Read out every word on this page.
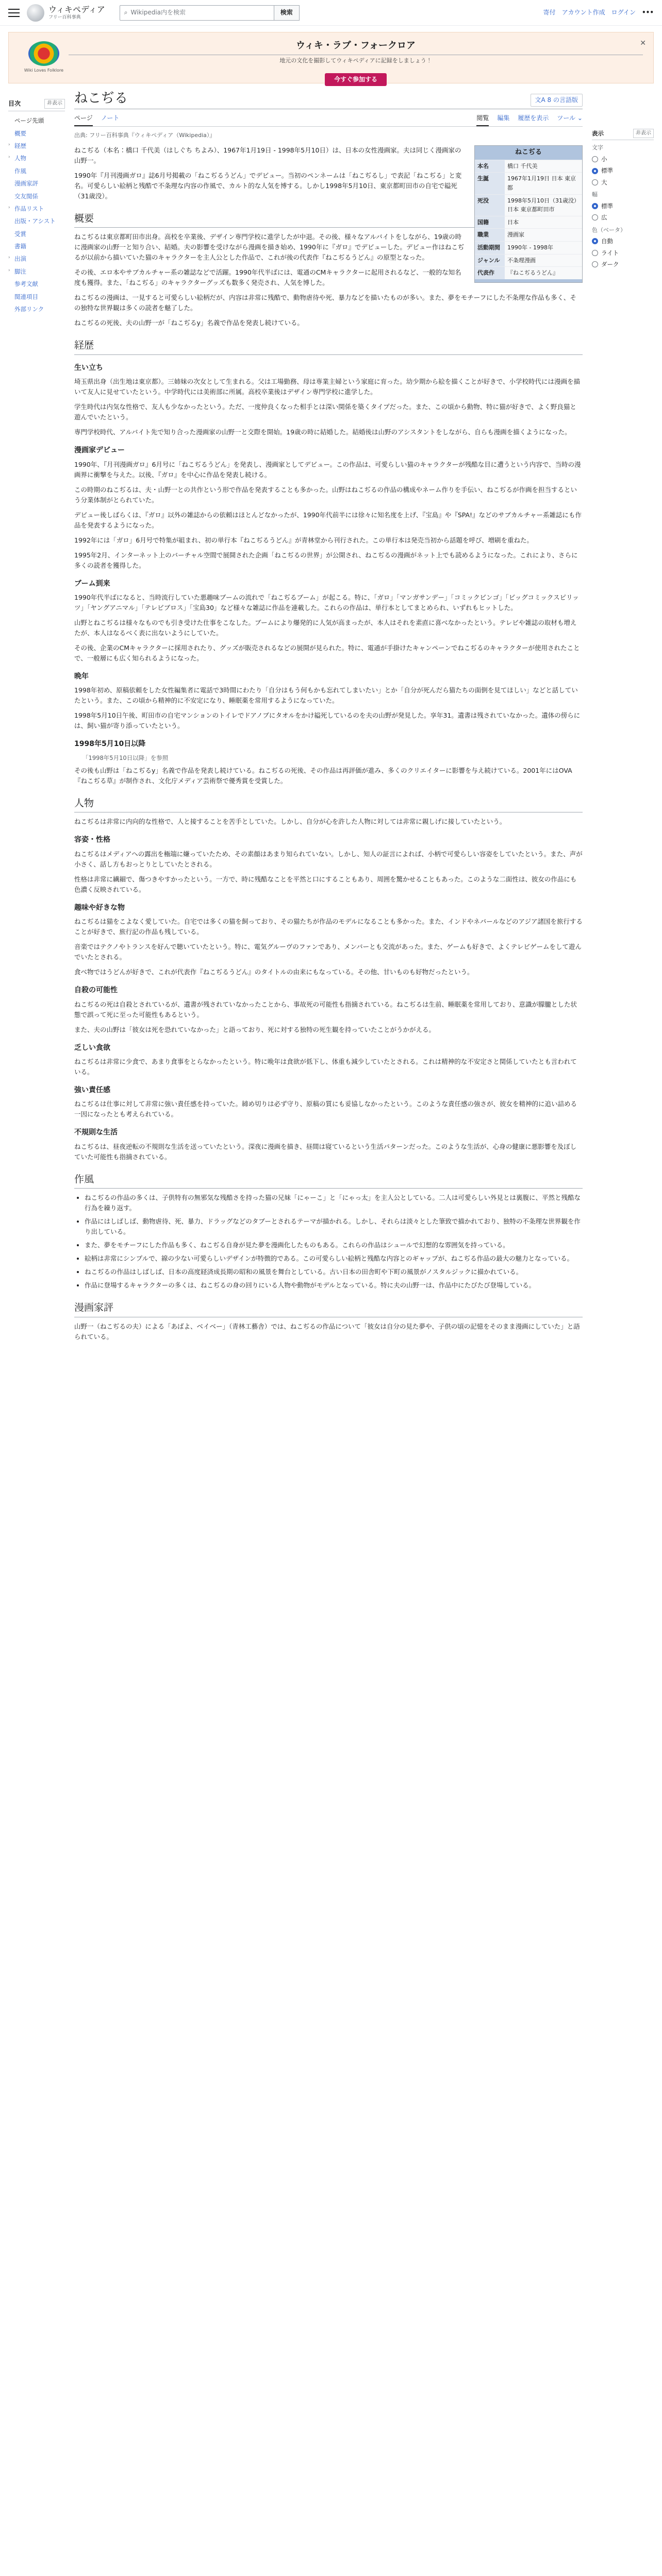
ウィキペディア
フリー百科事典
⌕ Wikipedia内を検索	検索	寄付 アカウント作成 ログイン •••
Wiki Loves Folklore
ウィキ・ラブ・フォークロア

地元の文化を撮影してウィキペディアに記録をしましょう！

今すぐ参加する
✕
目次	非表示
ページ先頭
概要
› 経歴
› 人物
作風
漫画家評
交友関係
› 作品リスト
出版・アシスト
受賞
書籍
› 出演
› 脚注
参考文献
関連項目
外部リンク
ねこぢる	文A 8 の言語版
ページ ノート	閲覧 編集 履歴を表示 ツール ⌄
出典: フリー百科事典『ウィキペディア（Wikipedia）』
ねこぢる
本名	橋口 千代美
生誕	1967年1月19日 日本 東京都
死没	1998年5月10日（31歳没）日本 東京都町田市
国籍	日本
職業	漫画家
活動期間	1990年 - 1998年
ジャンル	不条理漫画
代表作	『ねこぢるうどん』

ねこぢる（本名：橋口 千代美（はしぐち ちよみ）、1967年1月19日 - 1998年5月10日）は、日本の女性漫画家。夫は同じく漫画家の山野一。

1990年『月刊漫画ガロ』誌6月号掲載の「ねこぢるうどん」でデビュー。当初のペンネームは「ねこぢるし」で表記「ねこぢる」と変名。可愛らしい絵柄と残酷で不条理な内容の作風で、カルト的な人気を博する。しかし1998年5月10日、東京都町田市の自宅で縊死（31歳没）。

概要

ねこぢるは東京都町田市出身。高校を卒業後、デザイン専門学校に進学したが中退。その後、様々なアルバイトをしながら、19歳の時に漫画家の山野一と知り合い、結婚。夫の影響を受けながら漫画を描き始め、1990年に『ガロ』でデビューした。デビュー作はねこぢるが以前から描いていた猫のキャラクターを主人公とした作品で、これが後の代表作『ねこぢるうどん』の原型となった。

その後、エロ本やサブカルチャー系の雑誌などで活躍。1990年代半ばには、電通のCMキャラクターに起用されるなど、一般的な知名度も獲得。また、「ねこぢる」のキャラクターグッズも数多く発売され、人気を博した。

ねこぢるの漫画は、一見すると可愛らしい絵柄だが、内容は非常に残酷で、動物虐待や死、暴力などを描いたものが多い。また、夢をモチーフにした不条理な作品も多く、その独特な世界観は多くの読者を魅了した。

ねこぢるの死後、夫の山野一が「ねこぢるy」名義で作品を発表し続けている。

経歴
生い立ち

埼玉県出身（出生地は東京都）。三姉妹の次女として生まれる。父は工場勤務、母は専業主婦という家庭に育った。幼少期から絵を描くことが好きで、小学校時代には漫画を描いて友人に見せていたという。中学時代には美術部に所属。高校卒業後はデザイン専門学校に進学した。

学生時代は内気な性格で、友人も少なかったという。ただ、一度仲良くなった相手とは深い関係を築くタイプだった。また、この頃から動物、特に猫が好きで、よく野良猫と遊んでいたという。

専門学校時代、アルバイト先で知り合った漫画家の山野一と交際を開始。19歳の時に結婚した。結婚後は山野のアシスタントをしながら、自らも漫画を描くようになった。

漫画家デビュー

1990年、『月刊漫画ガロ』6月号に「ねこぢるうどん」を発表し、漫画家としてデビュー。この作品は、可愛らしい猫のキャラクターが残酷な目に遭うという内容で、当時の漫画界に衝撃を与えた。以後、『ガロ』を中心に作品を発表し続ける。

この時期のねこぢるは、夫・山野一との共作という形で作品を発表することも多かった。山野はねこぢるの作品の構成やネーム作りを手伝い、ねこぢるが作画を担当するという分業体制がとられていた。

デビュー後しばらくは、『ガロ』以外の雑誌からの依頼はほとんどなかったが、1990年代前半には徐々に知名度を上げ、『宝島』や『SPA!』などのサブカルチャー系雑誌にも作品を発表するようになった。

1992年には「ガロ」6月号で特集が組まれ、初の単行本『ねこぢるうどん』が青林堂から刊行された。この単行本は発売当初から話題を呼び、増刷を重ねた。

1995年2月、インターネット上のバーチャル空間で展開された企画「ねこぢるの世界」が公開され、ねこぢるの漫画がネット上でも読めるようになった。これにより、さらに多くの読者を獲得した。

ブーム到来

1990年代半ばになると、当時流行していた悪趣味ブームの流れで「ねこぢるブーム」が起こる。特に、「ガロ」「マンガサンデー」「コミックビンゴ」「ビッグコミックスピリッツ」「ヤングアニマル」「テレビブロス」「宝島30」など様々な雑誌に作品を連載した。これらの作品は、単行本としてまとめられ、いずれもヒットした。

山野とねこぢるは様々なものでも引き受けた仕事をこなした。ブームにより爆発的に人気が高まったが、本人はそれを素直に喜べなかったという。テレビや雑誌の取材も増えたが、本人はなるべく表に出ないようにしていた。

その後、企業のCMキャラクターに採用されたり、グッズが販売されるなどの展開が見られた。特に、電通が手掛けたキャンペーンでねこぢるのキャラクターが使用されたことで、一般層にも広く知られるようになった。

晩年

1998年初め、原稿依頼をした女性編集者に電話で3時間にわたり「自分はもう何もかも忘れてしまいたい」とか「自分が死んだら猫たちの面倒を見てほしい」などと話していたという。また、この頃から精神的に不安定になり、睡眠薬を常用するようになっていた。

1998年5月10日午後、町田市の自宅マンションのトイレでドアノブにタオルをかけ縊死しているのを夫の山野が発見した。享年31。遺書は残されていなかった。遺体の傍らには、飼い猫が寄り添っていたという。

1998年5月10日以降
「1998年5月10日以降」を参照

その後も山野は「ねこぢるy」名義で作品を発表し続けている。ねこぢるの死後、その作品は再評価が進み、多くのクリエイターに影響を与え続けている。2001年にはOVA『ねこぢる草』が制作され、文化庁メディア芸術祭で優秀賞を受賞した。

人物

ねこぢるは非常に内向的な性格で、人と接することを苦手としていた。しかし、自分が心を許した人物に対しては非常に親しげに接していたという。

容姿・性格

ねこぢるはメディアへの露出を極端に嫌っていたため、その素顔はあまり知られていない。しかし、知人の証言によれば、小柄で可愛らしい容姿をしていたという。また、声が小さく、話し方もおっとりとしていたとされる。

性格は非常に繊細で、傷つきやすかったという。一方で、時に残酷なことを平然と口にすることもあり、周囲を驚かせることもあった。このような二面性は、彼女の作品にも色濃く反映されている。

趣味や好きな物

ねこぢるは猫をこよなく愛していた。自宅では多くの猫を飼っており、その猫たちが作品のモデルになることも多かった。また、インドやネパールなどのアジア諸国を旅行することが好きで、旅行記の作品も残している。

音楽ではテクノやトランスを好んで聴いていたという。特に、電気グルーヴのファンであり、メンバーとも交流があった。また、ゲームも好きで、よくテレビゲームをして遊んでいたとされる。

食べ物ではうどんが好きで、これが代表作『ねこぢるうどん』のタイトルの由来にもなっている。その他、甘いものも好物だったという。

自殺の可能性

ねこぢるの死は自殺とされているが、遺書が残されていなかったことから、事故死の可能性も指摘されている。ねこぢるは生前、睡眠薬を常用しており、意識が朦朧とした状態で誤って死に至った可能性もあるという。

また、夫の山野は「彼女は死を恐れていなかった」と語っており、死に対する独特の死生観を持っていたことがうかがえる。

乏しい食欲

ねこぢるは非常に少食で、あまり食事をとらなかったという。特に晩年は食欲が低下し、体重も減少していたとされる。これは精神的な不安定さと関係していたとも言われている。

強い責任感

ねこぢるは仕事に対して非常に強い責任感を持っていた。締め切りは必ず守り、原稿の質にも妥協しなかったという。このような責任感の強さが、彼女を精神的に追い詰める一因になったとも考えられている。

不規則な生活

ねこぢるは、昼夜逆転の不規則な生活を送っていたという。深夜に漫画を描き、昼間は寝ているという生活パターンだった。このような生活が、心身の健康に悪影響を及ぼしていた可能性も指摘されている。

作風
• ねこぢるの作品の多くは、子供特有の無邪気な残酷さを持った猫の兄妹「にゃーこ」と「にゃっ太」を主人公としている。二人は可愛らしい外見とは裏腹に、平然と残酷な行為を繰り返す。
• 作品にはしばしば、動物虐待、死、暴力、ドラッグなどのタブーとされるテーマが描かれる。しかし、それらは淡々とした筆致で描かれており、独特の不条理な世界観を作り出している。
• また、夢をモチーフにした作品も多く、ねこぢる自身が見た夢を漫画化したものもある。これらの作品はシュールで幻想的な雰囲気を持っている。
• 絵柄は非常にシンプルで、線の少ない可愛らしいデザインが特徴的である。この可愛らしい絵柄と残酷な内容とのギャップが、ねこぢる作品の最大の魅力となっている。
• ねこぢるの作品はしばしば、日本の高度経済成長期の昭和の風景を舞台としている。古い日本の田舎町や下町の風景がノスタルジックに描かれている。
• 作品に登場するキャラクターの多くは、ねこぢるの身の回りにいる人物や動物がモデルとなっている。特に夫の山野一は、作品中にたびたび登場している。
漫画家評

山野一（ねこぢるの夫）による「あばよ、ベイベー」（青林工藝舎）では、ねこぢるの作品について「彼女は自分の見た夢や、子供の頃の記憶をそのまま漫画にしていた」と語られている。

表示	非表示
文字
小
標準
大
幅
標準
広
色（ベータ）
自動
ライト
ダーク
